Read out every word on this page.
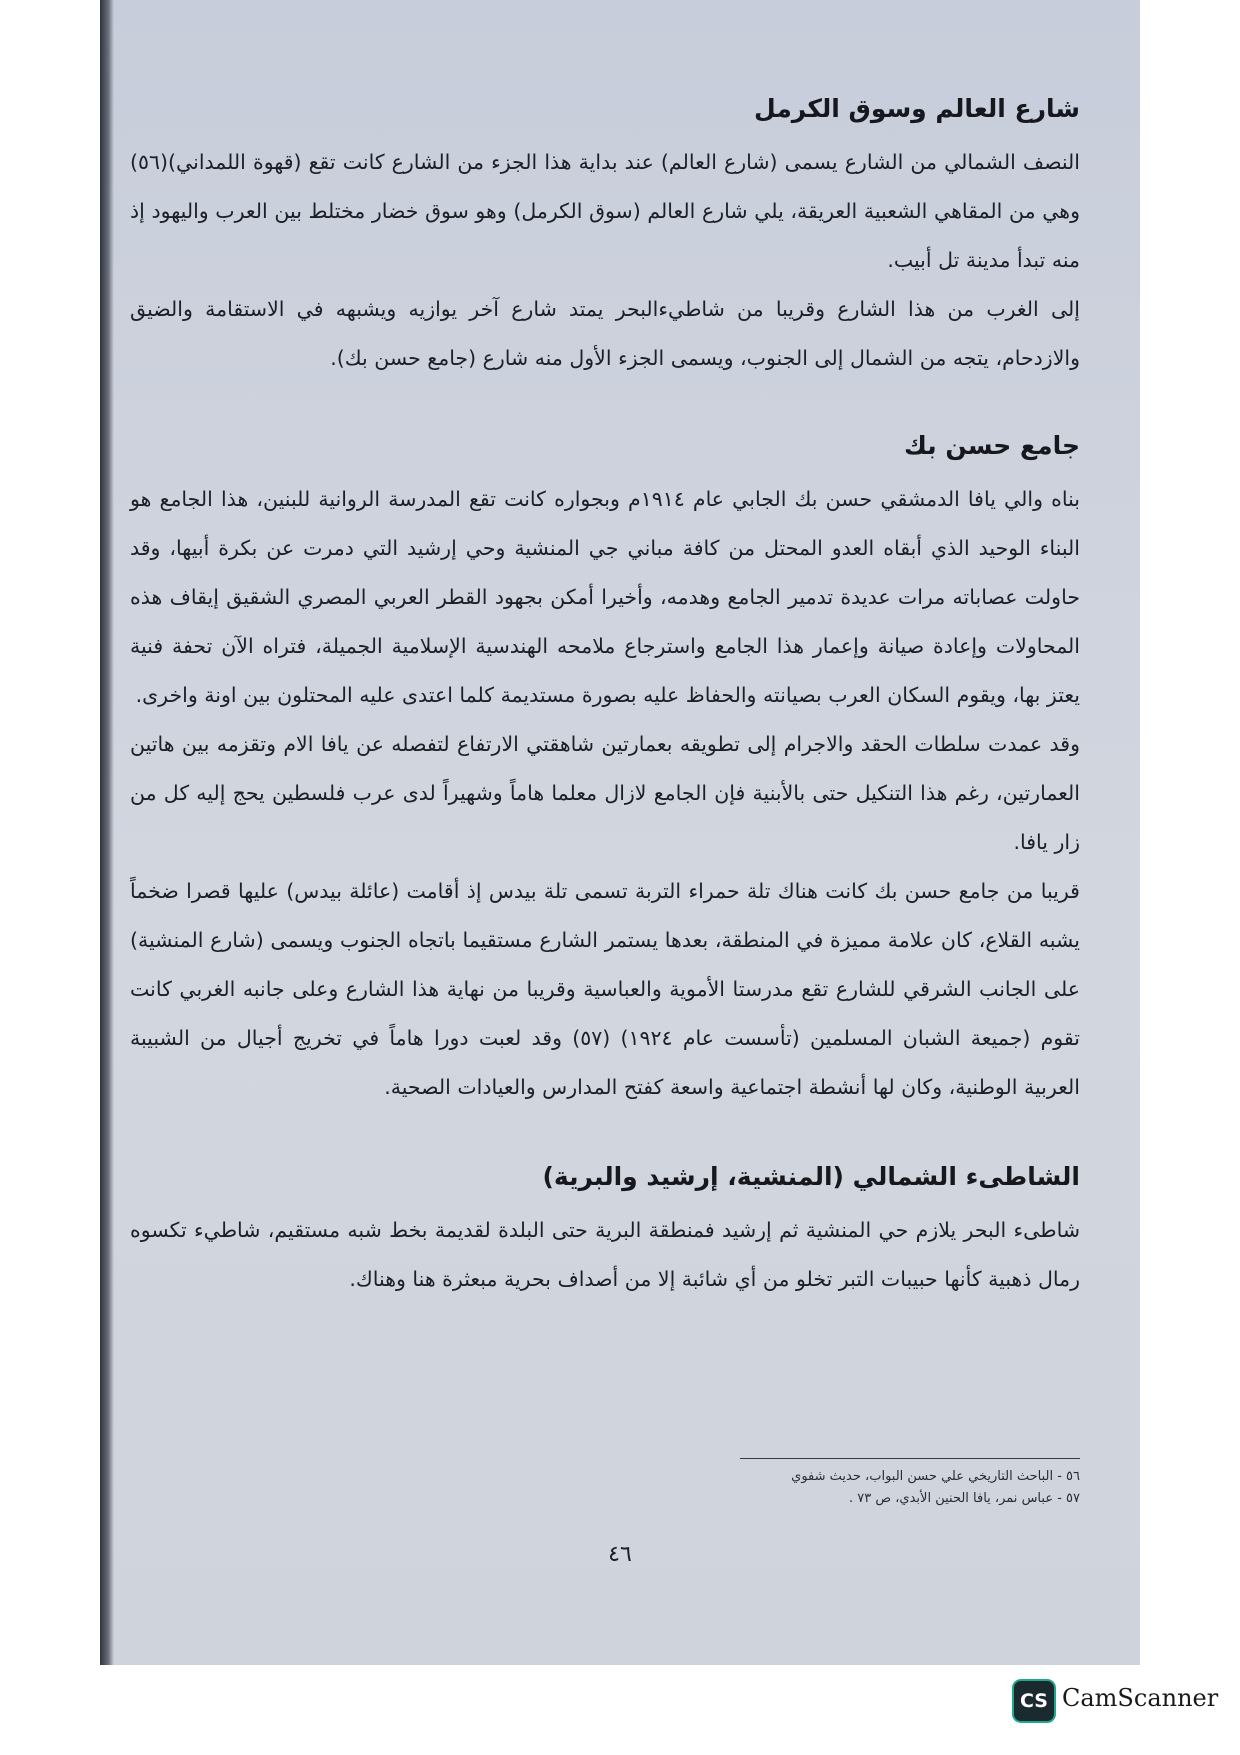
شارع العالم وسوق الكرمل

النصف الشمالي من الشارع يسمى (شارع العالم) عند بداية هذا الجزء من الشارع كانت تقع (قهوة اللمداني)(٥٦) وهي من المقاهي الشعبية العريقة، يلي شارع العالم (سوق الكرمل) وهو سوق خضار مختلط بين العرب واليهود إذ منه تبدأ مدينة تل أبيب.

إلى الغرب من هذا الشارع وقريبا من شاطيءالبحر يمتد شارع آخر يوازيه ويشبهه في الاستقامة والضيق والازدحام، يتجه من الشمال إلى الجنوب، ويسمى الجزء الأول منه شارع (جامع حسن بك).

جامع حسن بك

بناه والي يافا الدمشقي حسن بك الجابي عام ١٩١٤م وبجواره كانت تقع المدرسة الروانية للبنين، هذا الجامع هو البناء الوحيد الذي أبقاه العدو المحتل من كافة مباني جي المنشية وحي إرشيد التي دمرت عن بكرة أبيها، وقد حاولت عصاباته مرات عديدة تدمير الجامع وهدمه، وأخيرا أمكن بجهود القطر العربي المصري الشقيق إيقاف هذه المحاولات وإعادة صيانة وإعمار هذا الجامع واسترجاع ملامحه الهندسية الإسلامية الجميلة، فتراه الآن تحفة فنية يعتز بها، ويقوم السكان العرب بصيانته والحفاظ عليه بصورة مستديمة كلما اعتدى عليه المحتلون بين اونة واخرى.

وقد عمدت سلطات الحقد والاجرام إلى تطويقه بعمارتين شاهقتي الارتفاع لتفصله عن يافا الام وتقزمه بين هاتين العمارتين، رغم هذا التنكيل حتى بالأبنية فإن الجامع لازال معلما هاماً وشهيراً لدى عرب فلسطين يحج إليه كل من زار يافا.

قريبا من جامع حسن بك كانت هناك تلة حمراء التربة تسمى تلة بيدس إذ أقامت (عائلة بيدس) عليها قصرا ضخماً يشبه القلاع، كان علامة مميزة في المنطقة، بعدها يستمر الشارع مستقيما باتجاه الجنوب ويسمى (شارع المنشية) على الجانب الشرقي للشارع تقع مدرستا الأموية والعباسية وقريبا من نهاية هذا الشارع وعلى جانبه الغربي كانت تقوم (جميعة الشبان المسلمين (تأسست عام ١٩٢٤) (٥٧) وقد لعبت دورا هاماً في تخريج أجيال من الشبيبة العربية الوطنية، وكان لها أنشطة اجتماعية واسعة كفتح المدارس والعيادات الصحية.

الشاطىء الشمالي (المنشية، إرشيد والبرية)

شاطىء البحر يلازم حي المنشية ثم إرشيد فمنطقة البرية حتى البلدة لقديمة بخط شبه مستقيم، شاطيء تكسوه رمال ذهبية كأنها حبيبات التبر تخلو من أي شائبة إلا من أصداف بحرية مبعثرة هنا وهناك.

٥٦ - الباحث التاريخي علي حسن البواب، حديث شفوي
٥٧ - عباس نمر، يافا الحنين الأبدي، ص ٧٣ .
٤٦
CS CamScanner
